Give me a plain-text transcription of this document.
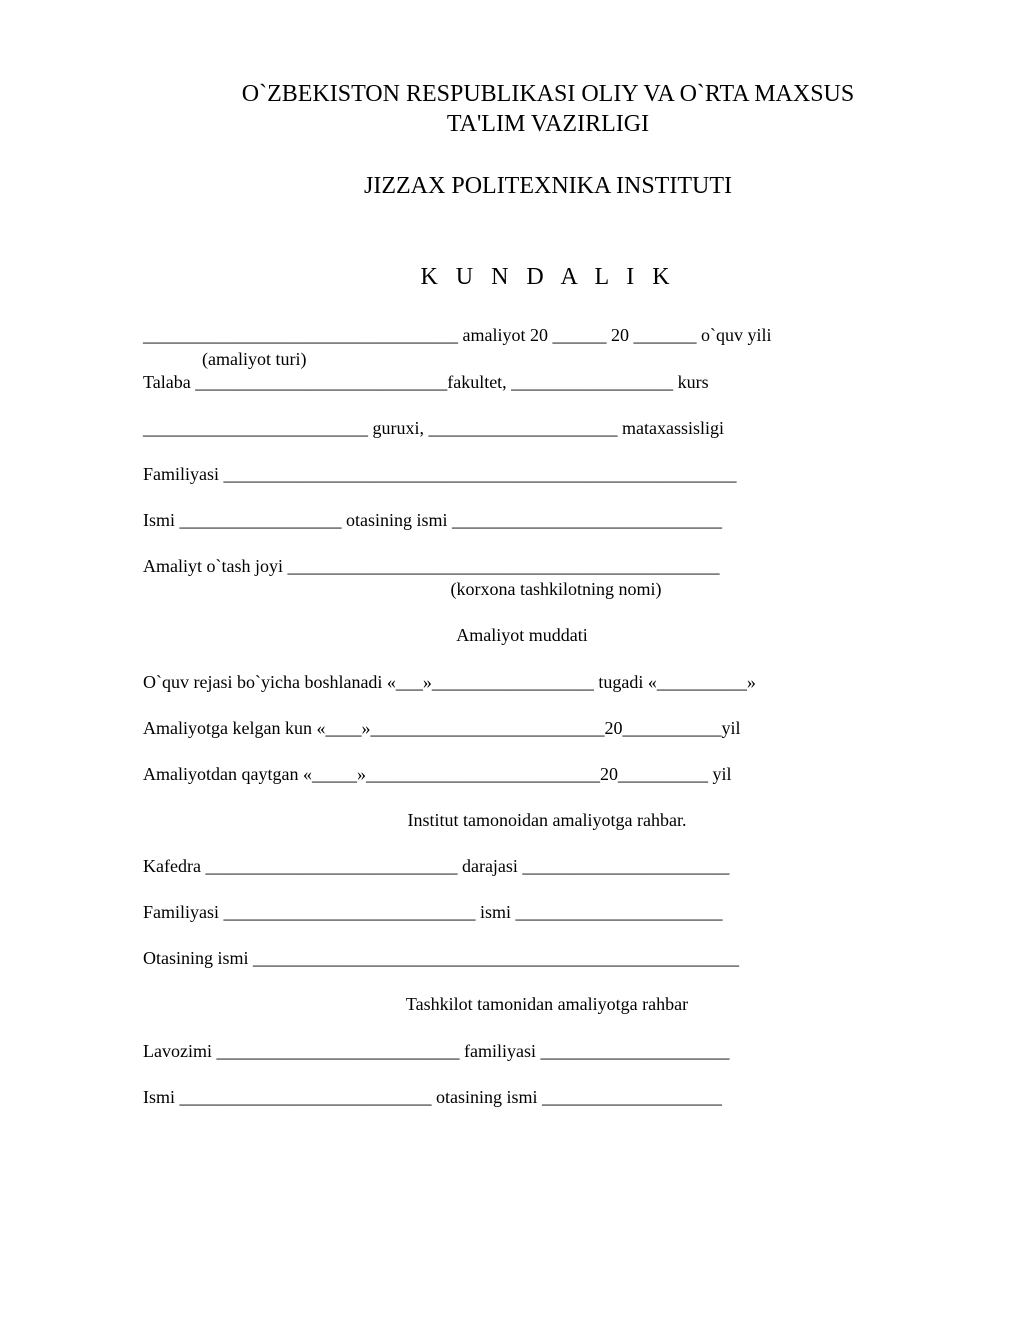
O`ZBEKISTON RESPUBLIKASI OLIY VA O`RTA MAXSUS
TA'LIM VAZIRLIGI
JIZZAX POLITEXNIKA INSTITUTI
K U N D A L I K

___________________________________ amaliyot 20 ______ 20 _______ o`quv yili

(amaliyot turi)

Talaba ____________________________fakultet, __________________ kurs

_________________________ guruxi, _____________________ mataxassisligi

Familiyasi _________________________________________________________

Ismi __________________ otasining ismi ______________________________

Amaliyt o`tash joyi ________________________________________________

(korxona tashkilotning nomi)

Amaliyot muddati

O`quv rejasi bo`yicha boshlanadi «___»__________________ tugadi «__________»

Amaliyotga kelgan kun «____»__________________________20___________yil

Amaliyotdan qaytgan «_____»__________________________20__________ yil

Institut tamonoidan amaliyotga rahbar.

Kafedra ____________________________ darajasi _______________________

Familiyasi ____________________________ ismi _______________________

Otasining ismi ______________________________________________________

Tashkilot tamonidan amaliyotga rahbar

Lavozimi ___________________________ familiyasi _____________________

Ismi ____________________________ otasining ismi ____________________
